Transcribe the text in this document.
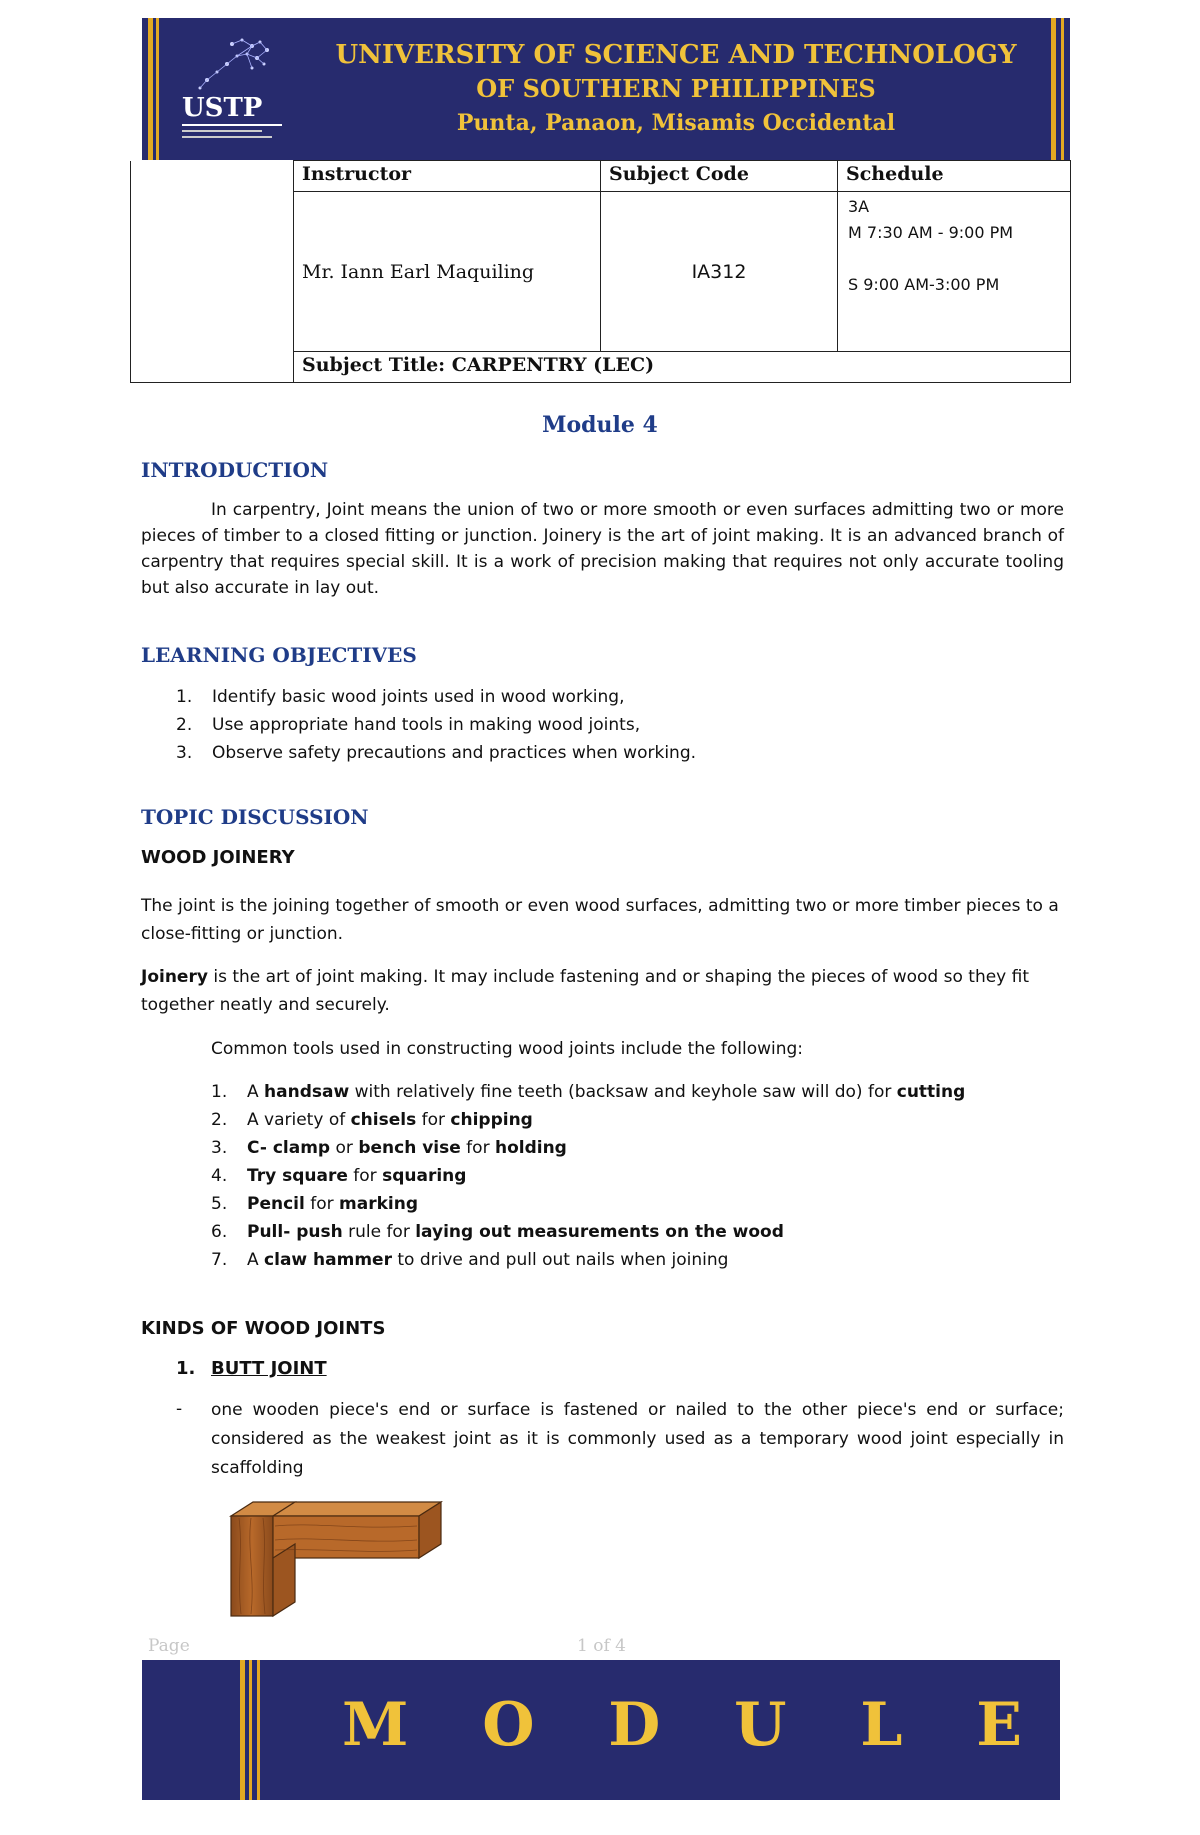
USTP
UNIVERSITY OF SCIENCE AND TECHNOLOGY
OF SOUTHERN PHILIPPINES
Punta, Panaon, Misamis Occidental
	Instructor	Subject Code	Schedule
	Mr. Iann Earl Maquiling	IA312	3A
M 7:30 AM - 9:00 PM
S 9:00 AM-3:00 PM

	Subject Title: CARPENTRY (LEC)		
Module 4
INTRODUCTION
In carpentry, Joint means the union of two or more smooth or even surfaces admitting two or more pieces of timber to a closed fitting or junction. Joinery is the art of joint making. It is an advanced branch of carpentry that requires special skill. It is a work of precision making that requires not only accurate tooling but also accurate in lay out.
LEARNING OBJECTIVES
1.	Identify basic wood joints used in wood working,
2.	Use appropriate hand tools in making wood joints,
3.	Observe safety precautions and practices when working.
TOPIC DISCUSSION
WOOD JOINERY
The joint is the joining together of smooth or even wood surfaces, admitting two or more timber pieces to a close-fitting or junction.
Joinery is the art of joint making. It may include fastening and or shaping the pieces of wood so they fit together neatly and securely.
Common tools used in constructing wood joints include the following:
1.	A handsaw with relatively fine teeth (backsaw and keyhole saw will do) for cutting
2.	A variety of chisels for chipping
3.	C- clamp or bench vise for holding
4.	Try square for squaring
5.	Pencil for marking
6.	Pull- push rule for laying out measurements on the wood
7.	A claw hammer to drive and pull out nails when joining
KINDS OF WOOD JOINTS
1. BUTT JOINT
- one wooden piece's end or surface is fastened or nailed to the other piece's end or surface; considered as the weakest joint as it is commonly used as a temporary wood joint especially in scaffolding
Page	1 of 4
M O D U L E
